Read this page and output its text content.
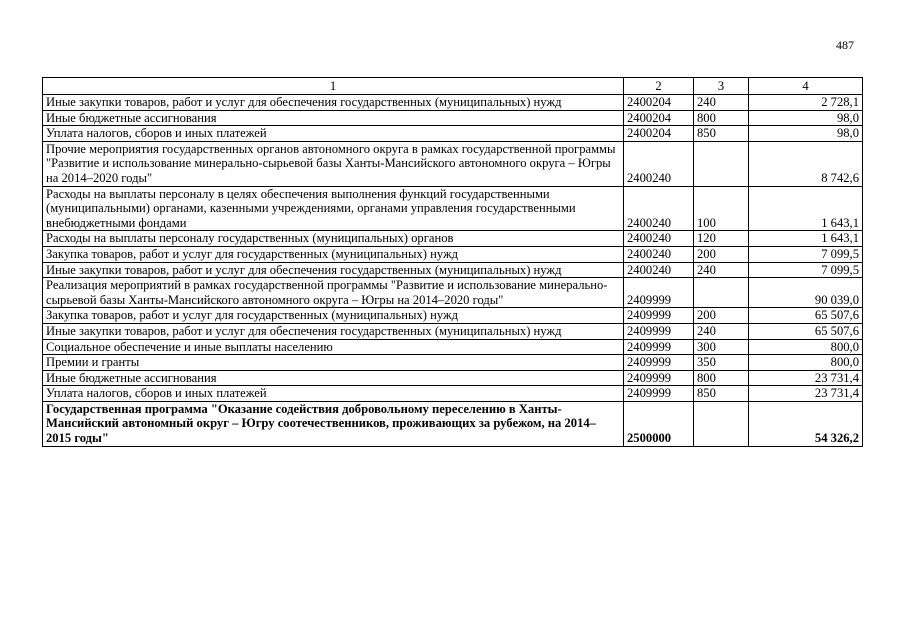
487
1	2	3	4
Иные закупки товаров, работ и услуг для обеспечения государственных (муниципальных) нужд	2400204	240	2 728,1
Иные бюджетные ассигнования	2400204	800	98,0
Уплата налогов, сборов и иных платежей	2400204	850	98,0
Прочие мероприятия государственных органов автономного округа в рамках государственной программы "Развитие и использование минерально-сырьевой базы Ханты-Мансийского автономного округа – Югры на 2014–2020 годы"	2400240		8 742,6
Расходы на выплаты персоналу в целях обеспечения выполнения функций государственными (муниципальными) органами, казенными учреждениями, органами управления государственными внебюджетными фондами	2400240	100	1 643,1
Расходы на выплаты персоналу государственных (муниципальных) органов	2400240	120	1 643,1
Закупка товаров, работ и услуг для государственных (муниципальных) нужд	2400240	200	7 099,5
Иные закупки товаров, работ и услуг для обеспечения государственных (муниципальных) нужд	2400240	240	7 099,5
Реализация мероприятий в рамках государственной программы "Развитие и использование минерально-сырьевой базы Ханты-Мансийского автономного округа – Югры на 2014–2020 годы"	2409999		90 039,0
Закупка товаров, работ и услуг для государственных (муниципальных) нужд	2409999	200	65 507,6
Иные закупки товаров, работ и услуг для обеспечения государственных (муниципальных) нужд	2409999	240	65 507,6
Социальное обеспечение и иные выплаты населению	2409999	300	800,0
Премии и гранты	2409999	350	800,0
Иные бюджетные ассигнования	2409999	800	23 731,4
Уплата налогов, сборов и иных платежей	2409999	850	23 731,4
Государственная программа "Оказание содействия добровольному переселению в Ханты-Мансийский автономный округ – Югру соотечественников, проживающих за рубежом, на 2014–2015 годы"	2500000		54 326,2
